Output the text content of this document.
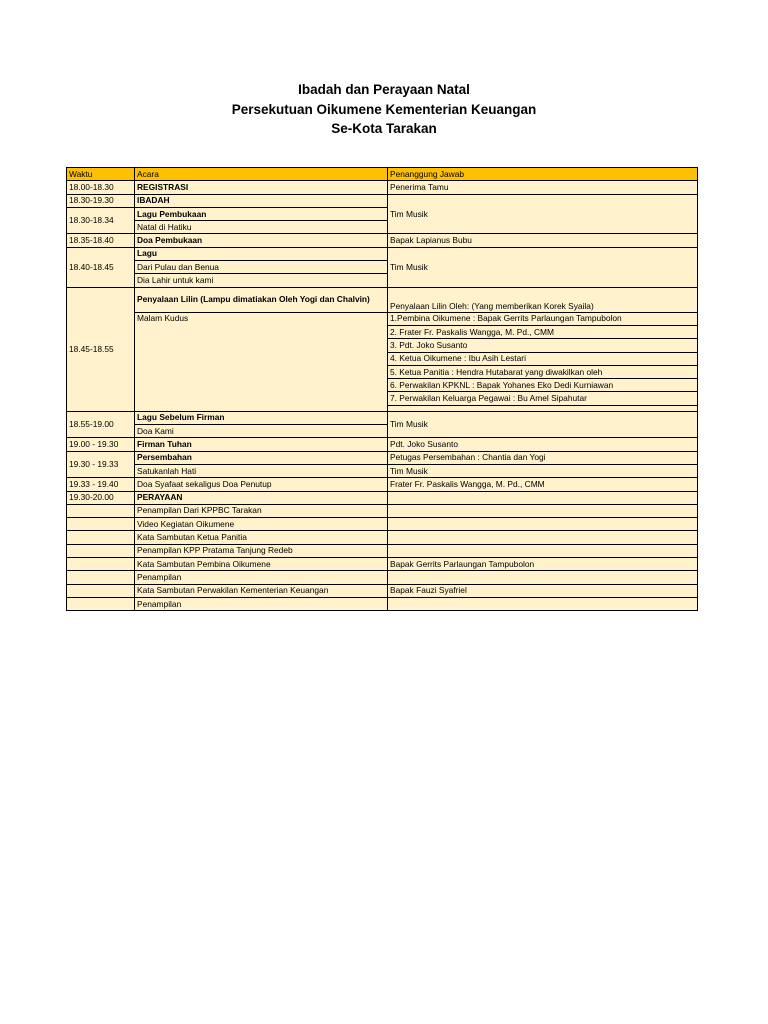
Ibadah dan Perayaan Natal
Persekutuan Oikumene Kementerian Keuangan
Se-Kota Tarakan
Waktu	Acara	Penanggung Jawab
18.00-18.30	REGISTRASI	Penerima Tamu
18.30-19.30	IBADAH	Tim Musik
18.30-18.34	Lagu Pembukaan	
	Natal di Hatiku	
18.35-18.40	Doa Pembukaan	Bapak Lapianus Bubu
18.40-18.45	Lagu	Tim Musik
	Dari Pulau dan Benua	
	Dia Lahir untuk kami	
18.45-18.55	Penyalaan Lilin (Lampu dimatiakan Oleh Yogi dan Chalvin)	Penyalaan Lilin Oleh: (Yang memberikan Korek Syaila)
	Malam Kudus	1.Pembina Oikumene : Bapak Gerrits Parlaungan Tampubolon
		2. Frater Fr. Paskalis Wangga, M. Pd., CMM
		3. Pdt. Joko Susanto
		4. Ketua Oikumene : Ibu Asih Lestari
		5. Ketua Panitia : Hendra Hutabarat yang diwakilkan oleh
		6. Perwakilan KPKNL : Bapak Yohanes Eko Dedi Kurniawan
		7. Perwakilan Keluarga Pegawai : Bu Amel Sipahutar

18.55-19.00	Lagu Sebelum Firman	Tim Musik
	Doa Kami	
19.00 - 19.30	Firman Tuhan	Pdt. Joko Susanto
19.30 - 19.33	Persembahan	Petugas Persembahan : Chantia dan Yogi
	Satukanlah Hati	Tim Musik
19.33 - 19.40	Doa Syafaat sekaligus Doa Penutup	Frater Fr. Paskalis Wangga, M. Pd., CMM
19.30-20.00	PERAYAAN	
	Penampilan Dari KPPBC Tarakan	
	Video Kegiatan Oikumene	
	Kata Sambutan Ketua Panitia	
	Penampilan KPP Pratama Tanjung Redeb	
	Kata Sambutan Pembina Oikumene	Bapak Gerrits Parlaungan Tampubolon
	Penampilan	
	Kata Sambutan Perwakilan Kementerian Keuangan	Bapak Fauzi Syafriel
	Penampilan	
